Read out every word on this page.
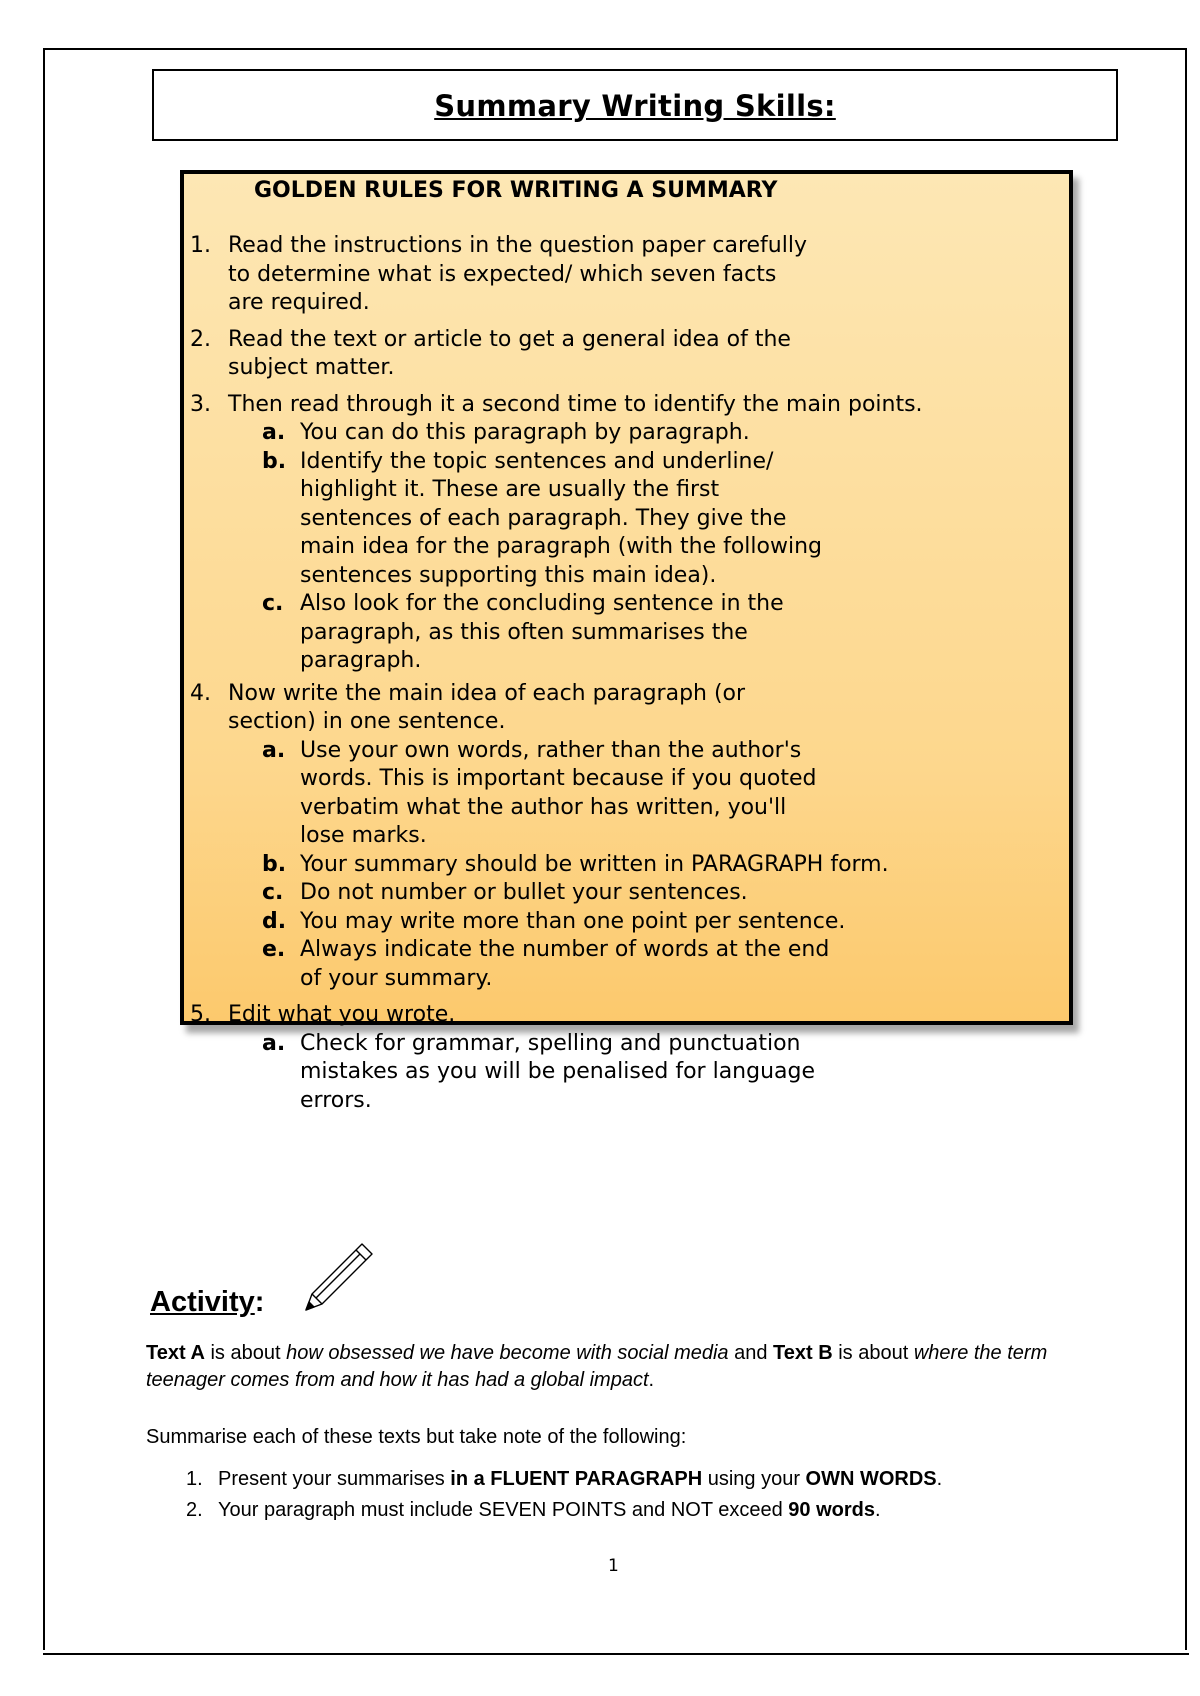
Summary Writing Skills:

GOLDEN RULES FOR WRITING A SUMMARY

1. Read the instructions in the question paper carefully
to determine what is expected/ which seven facts
are required.
2. Read the text or article to get a general idea of the
subject matter.
3. Then read through it a second time to identify the main points.
a. You can do this paragraph by paragraph.
b. Identify the topic sentences and underline/
highlight it. These are usually the first
sentences of each paragraph. They give the
main idea for the paragraph (with the following
sentences supporting this main idea).
c. Also look for the concluding sentence in the
paragraph, as this often summarises the
paragraph.
4. Now write the main idea of each paragraph (or
section) in one sentence.
a. Use your own words, rather than the author's
words. This is important because if you quoted
verbatim what the author has written, you'll
lose marks.
b. Your summary should be written in PARAGRAPH form.
c. Do not number or bullet your sentences.
d. You may write more than one point per sentence.
e. Always indicate the number of words at the end
of your summary.
5. Edit what you wrote.
a. Check for grammar, spelling and punctuation
mistakes as you will be penalised for language
errors.

Activity:

Text A is about how obsessed we have become with social media and Text B is about where the term teenager comes from and how it has had a global impact.

Summarise each of these texts but take note of the following:

1. Present your summarises in a FLUENT PARAGRAPH using your OWN WORDS.
2. Your paragraph must include SEVEN POINTS and NOT exceed 90 words.
1
